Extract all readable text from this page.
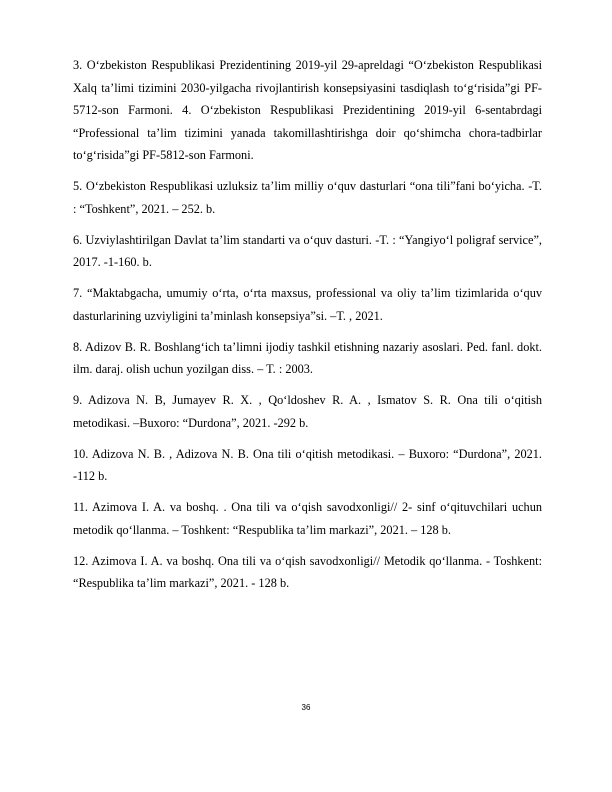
3. O‘zbekiston Respublikasi Prezidentining 2019-yil 29-apreldagi “O‘zbekiston Respublikasi Xalq ta’limi tizimini 2030-yilgacha rivojlantirish konsepsiyasini tasdiqlash to‘g‘risida”gi PF-5712-son Farmoni. 4. O‘zbekiston Respublikasi Prezidentining 2019-yil 6-sentabrdagi “Professional ta’lim tizimini yanada takomillashtirishga doir qo‘shimcha chora-tadbirlar to‘g‘risida”gi PF-5812-son Farmoni.

5. O‘zbekiston Respublikasi uzluksiz ta’lim milliy o‘quv dasturlari “ona tili”fani bo‘yicha. -T. : “Toshkent”, 2021. – 252. b.

6. Uzviylashtirilgan Davlat ta’lim standarti va o‘quv dasturi. -T. : “Yangiyo‘l poligraf service”, 2017. -1-160. b.

7. “Maktabgacha, umumiy o‘rta, o‘rta maxsus, professional va oliy ta’lim tizimlarida o‘quv dasturlarining uzviyligini ta’minlash konsepsiya”si. –T. , 2021.

8. Adizov B. R. Boshlang‘ich ta’limni ijodiy tashkil etishning nazariy asoslari. Ped. fanl. dokt. ilm. daraj. olish uchun yozilgan diss. – T. : 2003.

9. Adizova N. B, Jumayev R. X. , Qo‘ldoshev R. A. , Ismatov S. R. Ona tili o‘qitish metodikasi. –Buxoro: “Durdona”, 2021. -292 b.

10. Adizova N. B. , Adizova N. B. Ona tili o‘qitish metodikasi. – Buxoro: “Durdona”, 2021. -112 b.

11. Azimova I. A. va boshq. . Ona tili va o‘qish savodxonligi// 2- sinf o‘qituvchilari uchun metodik qo‘llanma. – Toshkent: “Respublika ta’lim markazi”, 2021. – 128 b.

12. Azimova I. A. va boshq. Ona tili va o‘qish savodxonligi// Metodik qo‘llanma. - Toshkent: “Respublika ta’lim markazi”, 2021. - 128 b.

36
